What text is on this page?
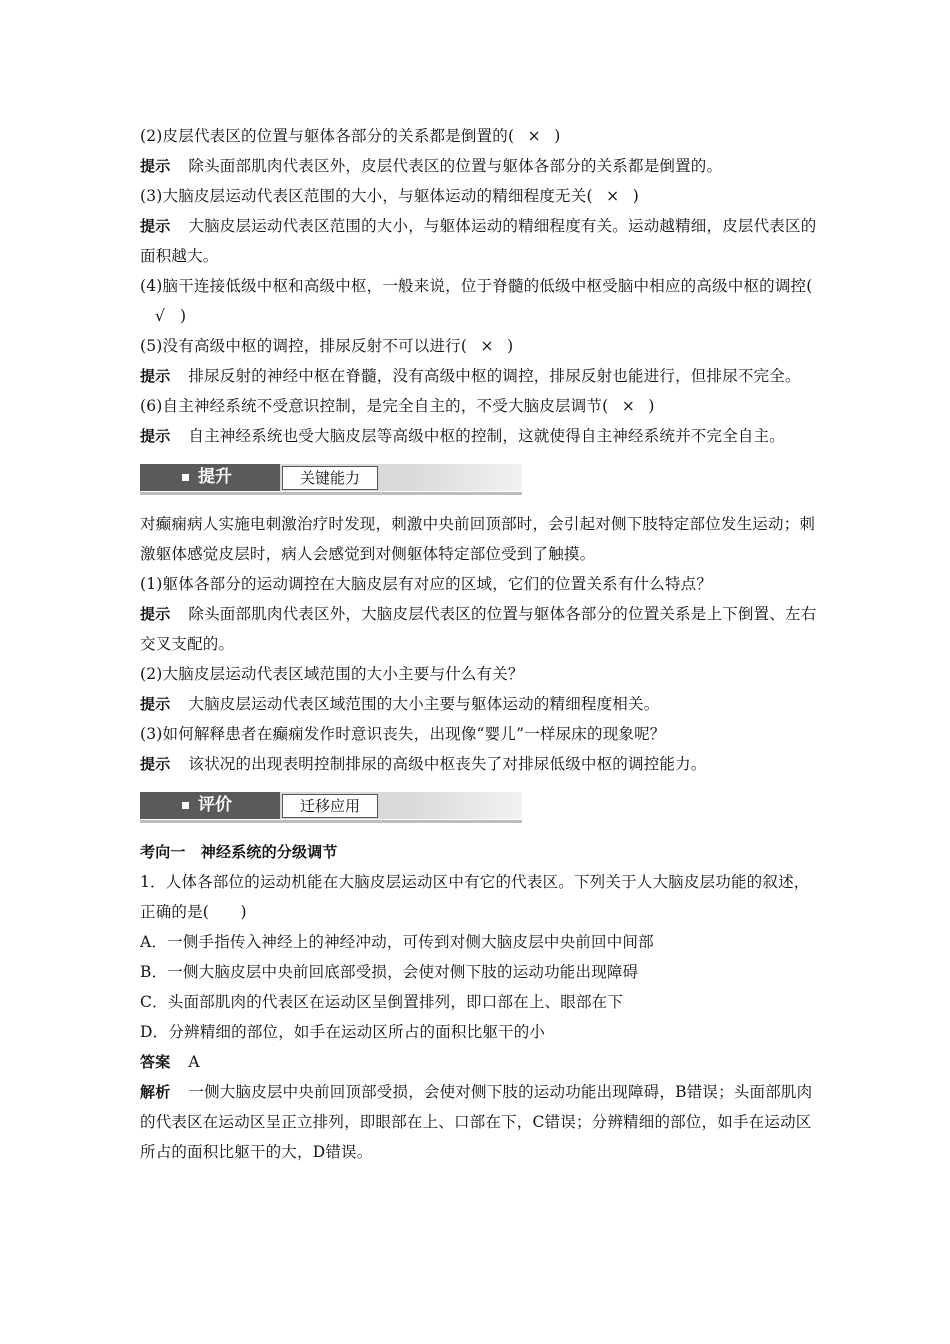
(2)皮层代表区的位置与躯体各部分的关系都是倒置的( × )
提示 除头面部肌肉代表区外，皮层代表区的位置与躯体各部分的关系都是倒置的。
(3)大脑皮层运动代表区范围的大小，与躯体运动的精细程度无关( × )
提示 大脑皮层运动代表区范围的大小，与躯体运动的精细程度有关。运动越精细，皮层代表区的面积越大。
(4)脑干连接低级中枢和高级中枢，一般来说，位于脊髓的低级中枢受脑中相应的高级中枢的调控(√ )
(5)没有高级中枢的调控，排尿反射不可以进行( × )
提示 排尿反射的神经中枢在脊髓，没有高级中枢的调控，排尿反射也能进行，但排尿不完全。
(6)自主神经系统不受意识控制，是完全自主的，不受大脑皮层调节( × )
提示 自主神经系统也受大脑皮层等高级中枢的控制，这就使得自主神经系统并不完全自主。
提升	关键能力
对癫痫病人实施电刺激治疗时发现，刺激中央前回顶部时，会引起对侧下肢特定部位发生运动；刺激躯体感觉皮层时，病人会感觉到对侧躯体特定部位受到了触摸。
(1)躯体各部分的运动调控在大脑皮层有对应的区域，它们的位置关系有什么特点？
提示 除头面部肌肉代表区外，大脑皮层代表区的位置与躯体各部分的位置关系是上下倒置、左右交叉支配的。
(2)大脑皮层运动代表区域范围的大小主要与什么有关？
提示 大脑皮层运动代表区域范围的大小主要与躯体运动的精细程度相关。
(3)如何解释患者在癫痫发作时意识丧失，出现像“婴儿”一样尿床的现象呢？
提示 该状况的出现表明控制排尿的高级中枢丧失了对排尿低级中枢的调控能力。
评价	迁移应用
考向一　神经系统的分级调节
1．人体各部位的运动机能在大脑皮层运动区中有它的代表区。下列关于人大脑皮层功能的叙述，正确的是(　　)
A．一侧手指传入神经上的神经冲动，可传到对侧大脑皮层中央前回中间部
B．一侧大脑皮层中央前回底部受损，会使对侧下肢的运动功能出现障碍
C．头面部肌肉的代表区在运动区呈倒置排列，即口部在上、眼部在下
D．分辨精细的部位，如手在运动区所占的面积比躯干的小
答案 A
解析 一侧大脑皮层中央前回顶部受损，会使对侧下肢的运动功能出现障碍，B错误；头面部肌肉的代表区在运动区呈正立排列，即眼部在上、口部在下，C错误；分辨精细的部位，如手在运动区所占的面积比躯干的大，D错误。
